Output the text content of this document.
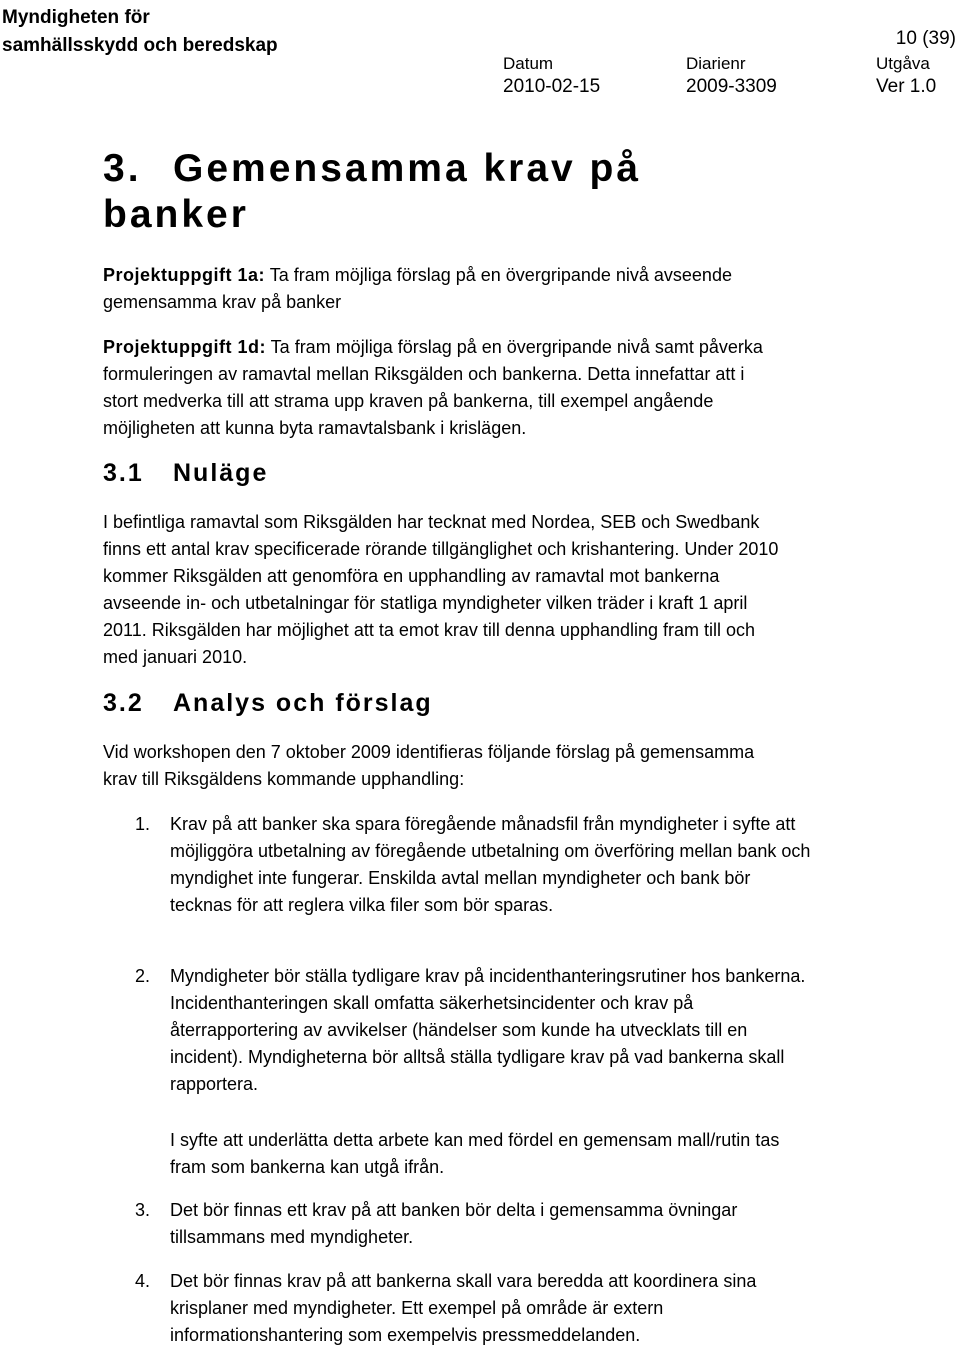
Myndigheten för
samhällsskydd och beredskap	10 (39)
Datum
2010-02-15
Diarienr
2009-3309
Utgåva
Ver 1.0
3. Gemensamma krav på banker
Projektuppgift 1a: Ta fram möjliga förslag på en övergripande nivå avseende gemensamma krav på banker
Projektuppgift 1d: Ta fram möjliga förslag på en övergripande nivå samt påverka formuleringen av ramavtal mellan Riksgälden och bankerna. Detta innefattar att i stort medverka till att strama upp kraven på bankerna, till exempel angående möjligheten att kunna byta ramavtalsbank i krislägen.
3.1 Nuläge
I befintliga ramavtal som Riksgälden har tecknat med Nordea, SEB och Swedbank finns ett antal krav specificerade rörande tillgänglighet och krishantering. Under 2010 kommer Riksgälden att genomföra en upphandling av ramavtal mot bankerna avseende in- och utbetalningar för statliga myndigheter vilken träder i kraft 1 april 2011. Riksgälden har möjlighet att ta emot krav till denna upphandling fram till och med januari 2010.
3.2 Analys och förslag
Vid workshopen den 7 oktober 2009 identifieras följande förslag på gemensamma krav till Riksgäldens kommande upphandling:
1. Krav på att banker ska spara föregående månadsfil från myndigheter i syfte att möjliggöra utbetalning av föregående utbetalning om överföring mellan bank och myndighet inte fungerar. Enskilda avtal mellan myndigheter och bank bör tecknas för att reglera vilka filer som bör sparas.
2. Myndigheter bör ställa tydligare krav på incidenthanteringsrutiner hos bankerna. Incidenthanteringen skall omfatta säkerhetsincidenter och krav på återrapportering av avvikelser (händelser som kunde ha utvecklats till en incident). Myndigheterna bör alltså ställa tydligare krav på vad bankerna skall rapportera.
I syfte att underlätta detta arbete kan med fördel en gemensam mall/rutin tas fram som bankerna kan utgå ifrån.
3. Det bör finnas ett krav på att banken bör delta i gemensamma övningar tillsammans med myndigheter.
4. Det bör finnas krav på att bankerna skall vara beredda att koordinera sina krisplaner med myndigheter. Ett exempel på område är extern informationshantering som exempelvis pressmeddelanden.
